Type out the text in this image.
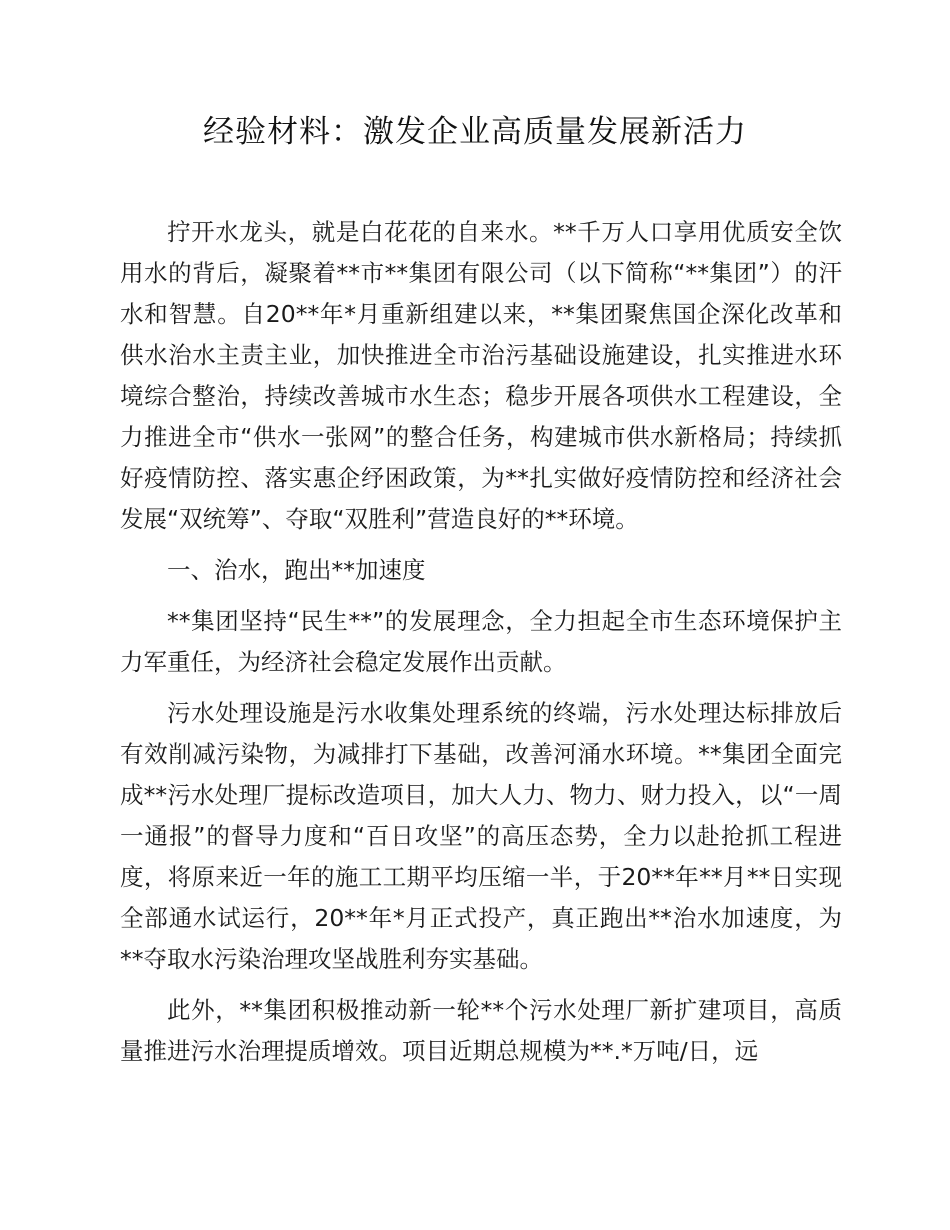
经验材料：激发企业高质量发展新活力

拧开水龙头，就是白花花的自来水。**千万人口享用优质安全饮用水的背后，凝聚着**市**集团有限公司（以下简称“**集团”）的汗水和智慧。自20**年*月重新组建以来，**集团聚焦国企深化改革和供水治水主责主业，加快推进全市治污基础设施建设，扎实推进水环境综合整治，持续改善城市水生态；稳步开展各项供水工程建设，全力推进全市“供水一张网”的整合任务，构建城市供水新格局；持续抓好疫情防控、落实惠企纾困政策，为**扎实做好疫情防控和经济社会发展“双统筹”、夺取“双胜利”营造良好的**环境。

一、治水，跑出**加速度

**集团坚持“民生**”的发展理念，全力担起全市生态环境保护主力军重任，为经济社会稳定发展作出贡献。

污水处理设施是污水收集处理系统的终端，污水处理达标排放后有效削减污染物，为减排打下基础，改善河涌水环境。**集团全面完成**污水处理厂提标改造项目，加大人力、物力、财力投入，以“一周一通报”的督导力度和“百日攻坚”的高压态势，全力以赴抢抓工程进度，将原来近一年的施工工期平均压缩一半，于20**年**月**日实现全部通水试运行，20**年*月正式投产，真正跑出**治水加速度，为**夺取水污染治理攻坚战胜利夯实基础。

此外，**集团积极推动新一轮**个污水处理厂新扩建项目，高质量推进污水治理提质增效。项目近期总规模为**.*万吨/日，远
